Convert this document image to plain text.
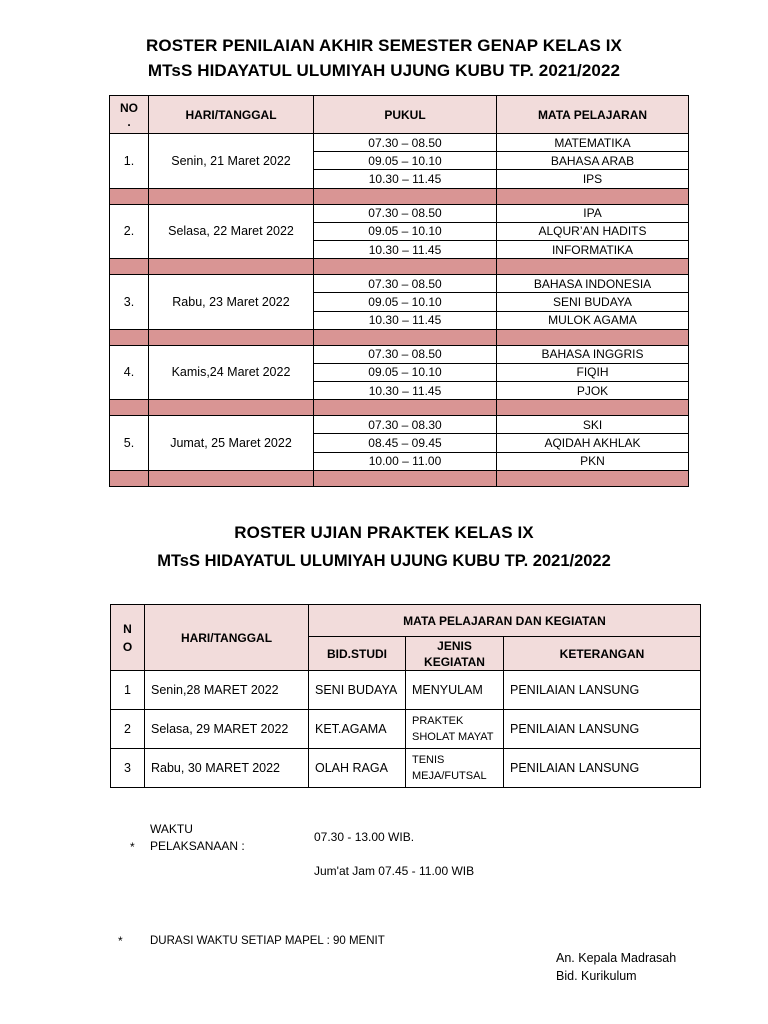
ROSTER PENILAIAN AKHIR SEMESTER GENAP KELAS IX
MTsS HIDAYATUL ULUMIYAH UJUNG KUBU TP. 2021/2022
NO
.	HARI/TANGGAL	PUKUL	MATA PELAJARAN
1.	Senin, 21 Maret 2022	07.30 – 08.50	MATEMATIKA
		09.05 – 10.10	BAHASA ARAB
		10.30 – 11.45	IPS

2.	Selasa, 22 Maret 2022	07.30 – 08.50	IPA
		09.05 – 10.10	ALQUR’AN HADITS
		10.30 – 11.45	INFORMATIKA

3.	Rabu, 23 Maret 2022	07.30 – 08.50	BAHASA INDONESIA
		09.05 – 10.10	SENI BUDAYA
		10.30 – 11.45	MULOK AGAMA

4.	Kamis,24 Maret 2022	07.30 – 08.50	BAHASA INGGRIS
		09.05 – 10.10	FIQIH
		10.30 – 11.45	PJOK

5.	Jumat, 25 Maret 2022	07.30 – 08.30	SKI
		08.45 – 09.45	AQIDAH AKHLAK
		10.00 – 11.00	PKN

ROSTER UJIAN PRAKTEK KELAS IX
MTsS HIDAYATUL ULUMIYAH UJUNG KUBU TP. 2021/2022
N
O	HARI/TANGGAL	MATA PELAJARAN DAN KEGIATAN		
		BID.STUDI	JENIS KEGIATAN	KETERANGAN
1	Senin,28 MARET 2022	SENI BUDAYA	MENYULAM	PENILAIAN LANSUNG
2	Selasa, 29 MARET 2022	KET.AGAMA	PRAKTEK SHOLAT MAYAT	PENILAIAN LANSUNG
3	Rabu, 30 MARET 2022	OLAH RAGA	TENIS MEJA/FUTSAL	PENILAIAN LANSUNG
*
WAKTU
PELAKSANAAN :
07.30 - 13.00 WIB.
Jum'at Jam 07.45 - 11.00 WIB
* DURASI WAKTU SETIAP MAPEL : 90 MENIT
An. Kepala Madrasah
Bid. Kurikulum
